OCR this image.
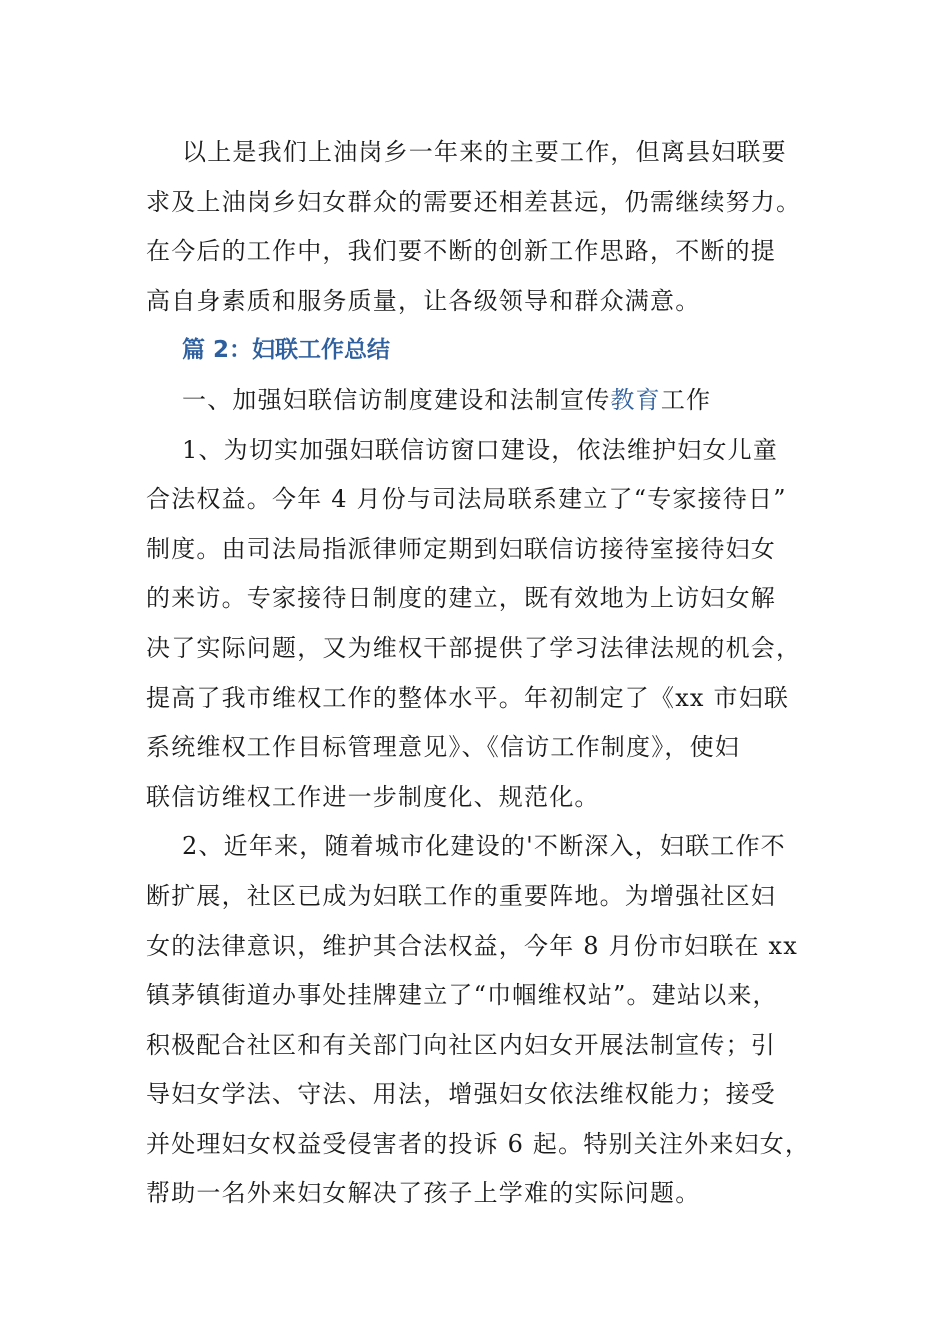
以上是我们上油岗乡一年来的主要工作，但离县妇联要
求及上油岗乡妇女群众的需要还相差甚远，仍需继续努力。
在今后的工作中，我们要不断的创新工作思路，不断的提
高自身素质和服务质量，让各级领导和群众满意。
篇 2：妇联工作总结
一、加强妇联信访制度建设和法制宣传教育工作
1、为切实加强妇联信访窗口建设，依法维护妇女儿童
合法权益。今年 4 月份与司法局联系建立了“专家接待日”
制度。由司法局指派律师定期到妇联信访接待室接待妇女
的来访。专家接待日制度的建立，既有效地为上访妇女解
决了实际问题，又为维权干部提供了学习法律法规的机会，
提高了我市维权工作的整体水平。年初制定了《xx 市妇联
系统维权工作目标管理意见》、《信访工作制度》，使妇
联信访维权工作进一步制度化、规范化。
2、近年来，随着城市化建设的'不断深入，妇联工作不
断扩展，社区已成为妇联工作的重要阵地。为增强社区妇
女的法律意识，维护其合法权益，今年 8 月份市妇联在 xx
镇茅镇街道办事处挂牌建立了“巾帼维权站”。建站以来，
积极配合社区和有关部门向社区内妇女开展法制宣传；引
导妇女学法、守法、用法，增强妇女依法维权能力；接受
并处理妇女权益受侵害者的投诉 6 起。特别关注外来妇女，
帮助一名外来妇女解决了孩子上学难的实际问题。
